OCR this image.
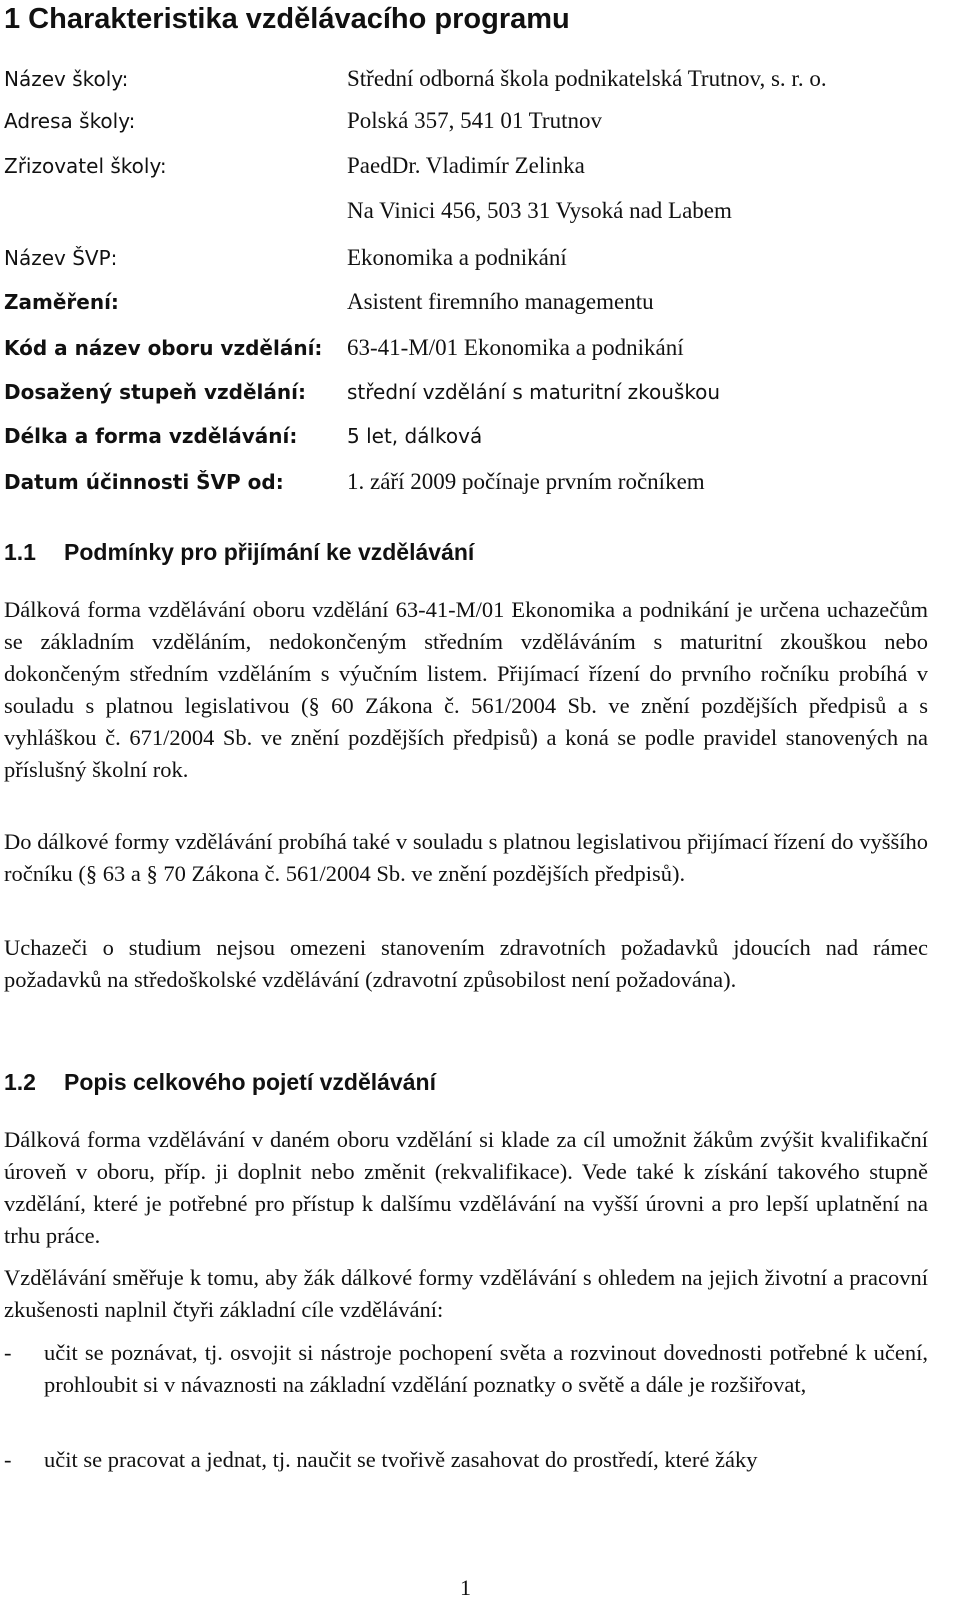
1 Charakteristika vzdělávacího programu
Název školy:	Střední odborná škola podnikatelská Trutnov, s. r. o.
Adresa školy:	Polská 357, 541 01 Trutnov
Zřizovatel školy:	PaedDr. Vladimír Zelinka
Na Vinici 456, 503 31 Vysoká nad Labem
Název ŠVP:	Ekonomika a podnikání
Zaměření:	Asistent firemního managementu
Kód a název oboru vzdělání: 63-41-M/01 Ekonomika a podnikání
Dosažený stupeň vzdělání: střední vzdělání s maturitní zkouškou
Délka a forma vzdělávání: 5 let, dálková
Datum účinnosti ŠVP od:	1. září 2009 počínaje prvním ročníkem
1.1 Podmínky pro přijímání ke vzdělávání
Dálková forma vzdělávání oboru vzdělání 63-41-M/01 Ekonomika a podnikání je určena uchazečům se základním vzděláním, nedokončeným středním vzděláváním s maturitní zkouškou nebo dokončeným středním vzděláním s výučním listem. Přijímací řízení do prvního ročníku probíhá v souladu s platnou legislativou (§ 60 Zákona č. 561/2004 Sb. ve znění pozdějších předpisů a s vyhláškou č. 671/2004 Sb. ve znění pozdějších předpisů) a koná se podle pravidel stanovených na příslušný školní rok.
Do dálkové formy vzdělávání probíhá také v souladu s platnou legislativou přijímací řízení do vyššího ročníku (§ 63 a § 70 Zákona č. 561/2004 Sb. ve znění pozdějších předpisů).
Uchazeči o studium nejsou omezeni stanovením zdravotních požadavků jdoucích nad rámec požadavků na středoškolské vzdělávání (zdravotní způsobilost není požadována).
1.2 Popis celkového pojetí vzdělávání
Dálková forma vzdělávání v daném oboru vzdělání si klade za cíl umožnit žákům zvýšit kvalifikační úroveň v oboru, příp. ji doplnit nebo změnit (rekvalifikace). Vede také k získání takového stupně vzdělání, které je potřebné pro přístup k dalšímu vzdělávání na vyšší úrovni a pro lepší uplatnění na trhu práce.
Vzdělávání směřuje k tomu, aby žák dálkové formy vzdělávání s ohledem na jejich životní a pracovní zkušenosti naplnil čtyři základní cíle vzdělávání:
- učit se poznávat, tj. osvojit si nástroje pochopení světa a rozvinout dovednosti potřebné k učení, prohloubit si v návaznosti na základní vzdělání poznatky o světě a dále je rozšiřovat,
- učit se pracovat a jednat, tj. naučit se tvořivě zasahovat do prostředí, které žáky
1
